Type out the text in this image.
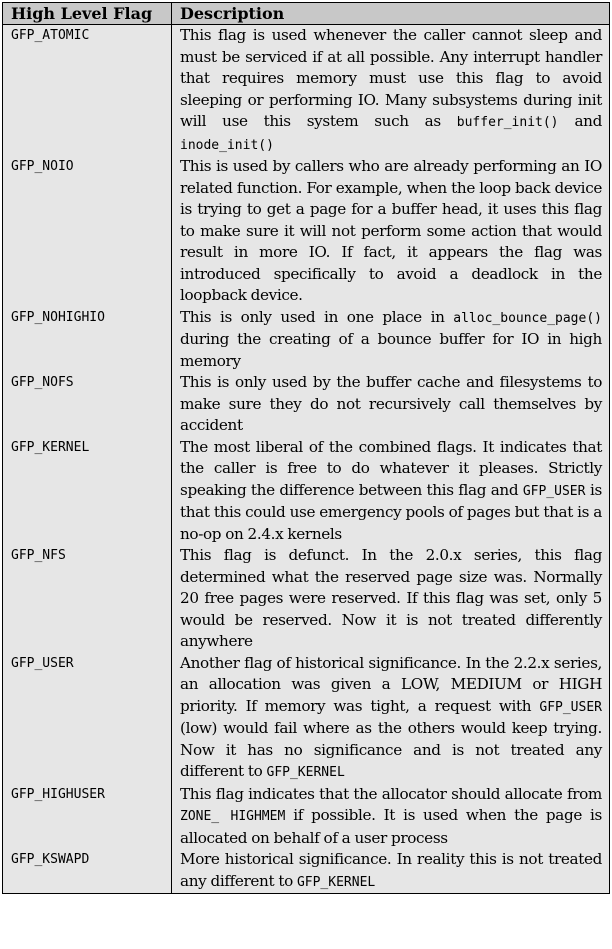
High Level Flag	Description
GFP_ATOMIC	This flag is used whenever the caller cannot sleep and must be serviced if at all possible. Any interrupt handler that requires memory must use this flag to avoid sleeping or performing IO. Many subsystems during init will use this system such as buffer_init() and inode_init()
GFP_NOIO	This is used by callers who are already performing an IO related function. For example, when the loop back device is trying to get a page for a buffer head, it uses this flag to make sure it will not perform some action that would result in more IO. If fact, it appears the flag was introduced specifically to avoid a deadlock in the loopback device.
GFP_NOHIGHIO	This is only used in one place in alloc_bounce_page() during the creating of a bounce buffer for IO in high memory
GFP_NOFS	This is only used by the buffer cache and filesystems to make sure they do not recursively call themselves by accident
GFP_KERNEL	The most liberal of the combined flags. It indicates that the caller is free to do whatever it pleases. Strictly speaking the difference between this flag and GFP_USER is that this could use emergency pools of pages but that is a no-op on 2.4.x kernels
GFP_NFS	This flag is defunct. In the 2.0.x series, this flag determined what the reserved page size was. Normally 20 free pages were reserved. If this flag was set, only 5 would be reserved. Now it is not treated differently anywhere
GFP_USER	Another flag of historical significance. In the 2.2.x series, an allocation was given a LOW, MEDIUM or HIGH priority. If memory was tight, a request with GFP_USER (low) would fail where as the others would keep trying. Now it has no significance and is not treated any different to GFP_KERNEL
GFP_HIGHUSER	This flag indicates that the allocator should allocate from ZONE_ HIGHMEM if possible. It is used when the page is allocated on behalf of a user process
GFP_KSWAPD	More historical significance. In reality this is not treated any different to GFP_KERNEL
